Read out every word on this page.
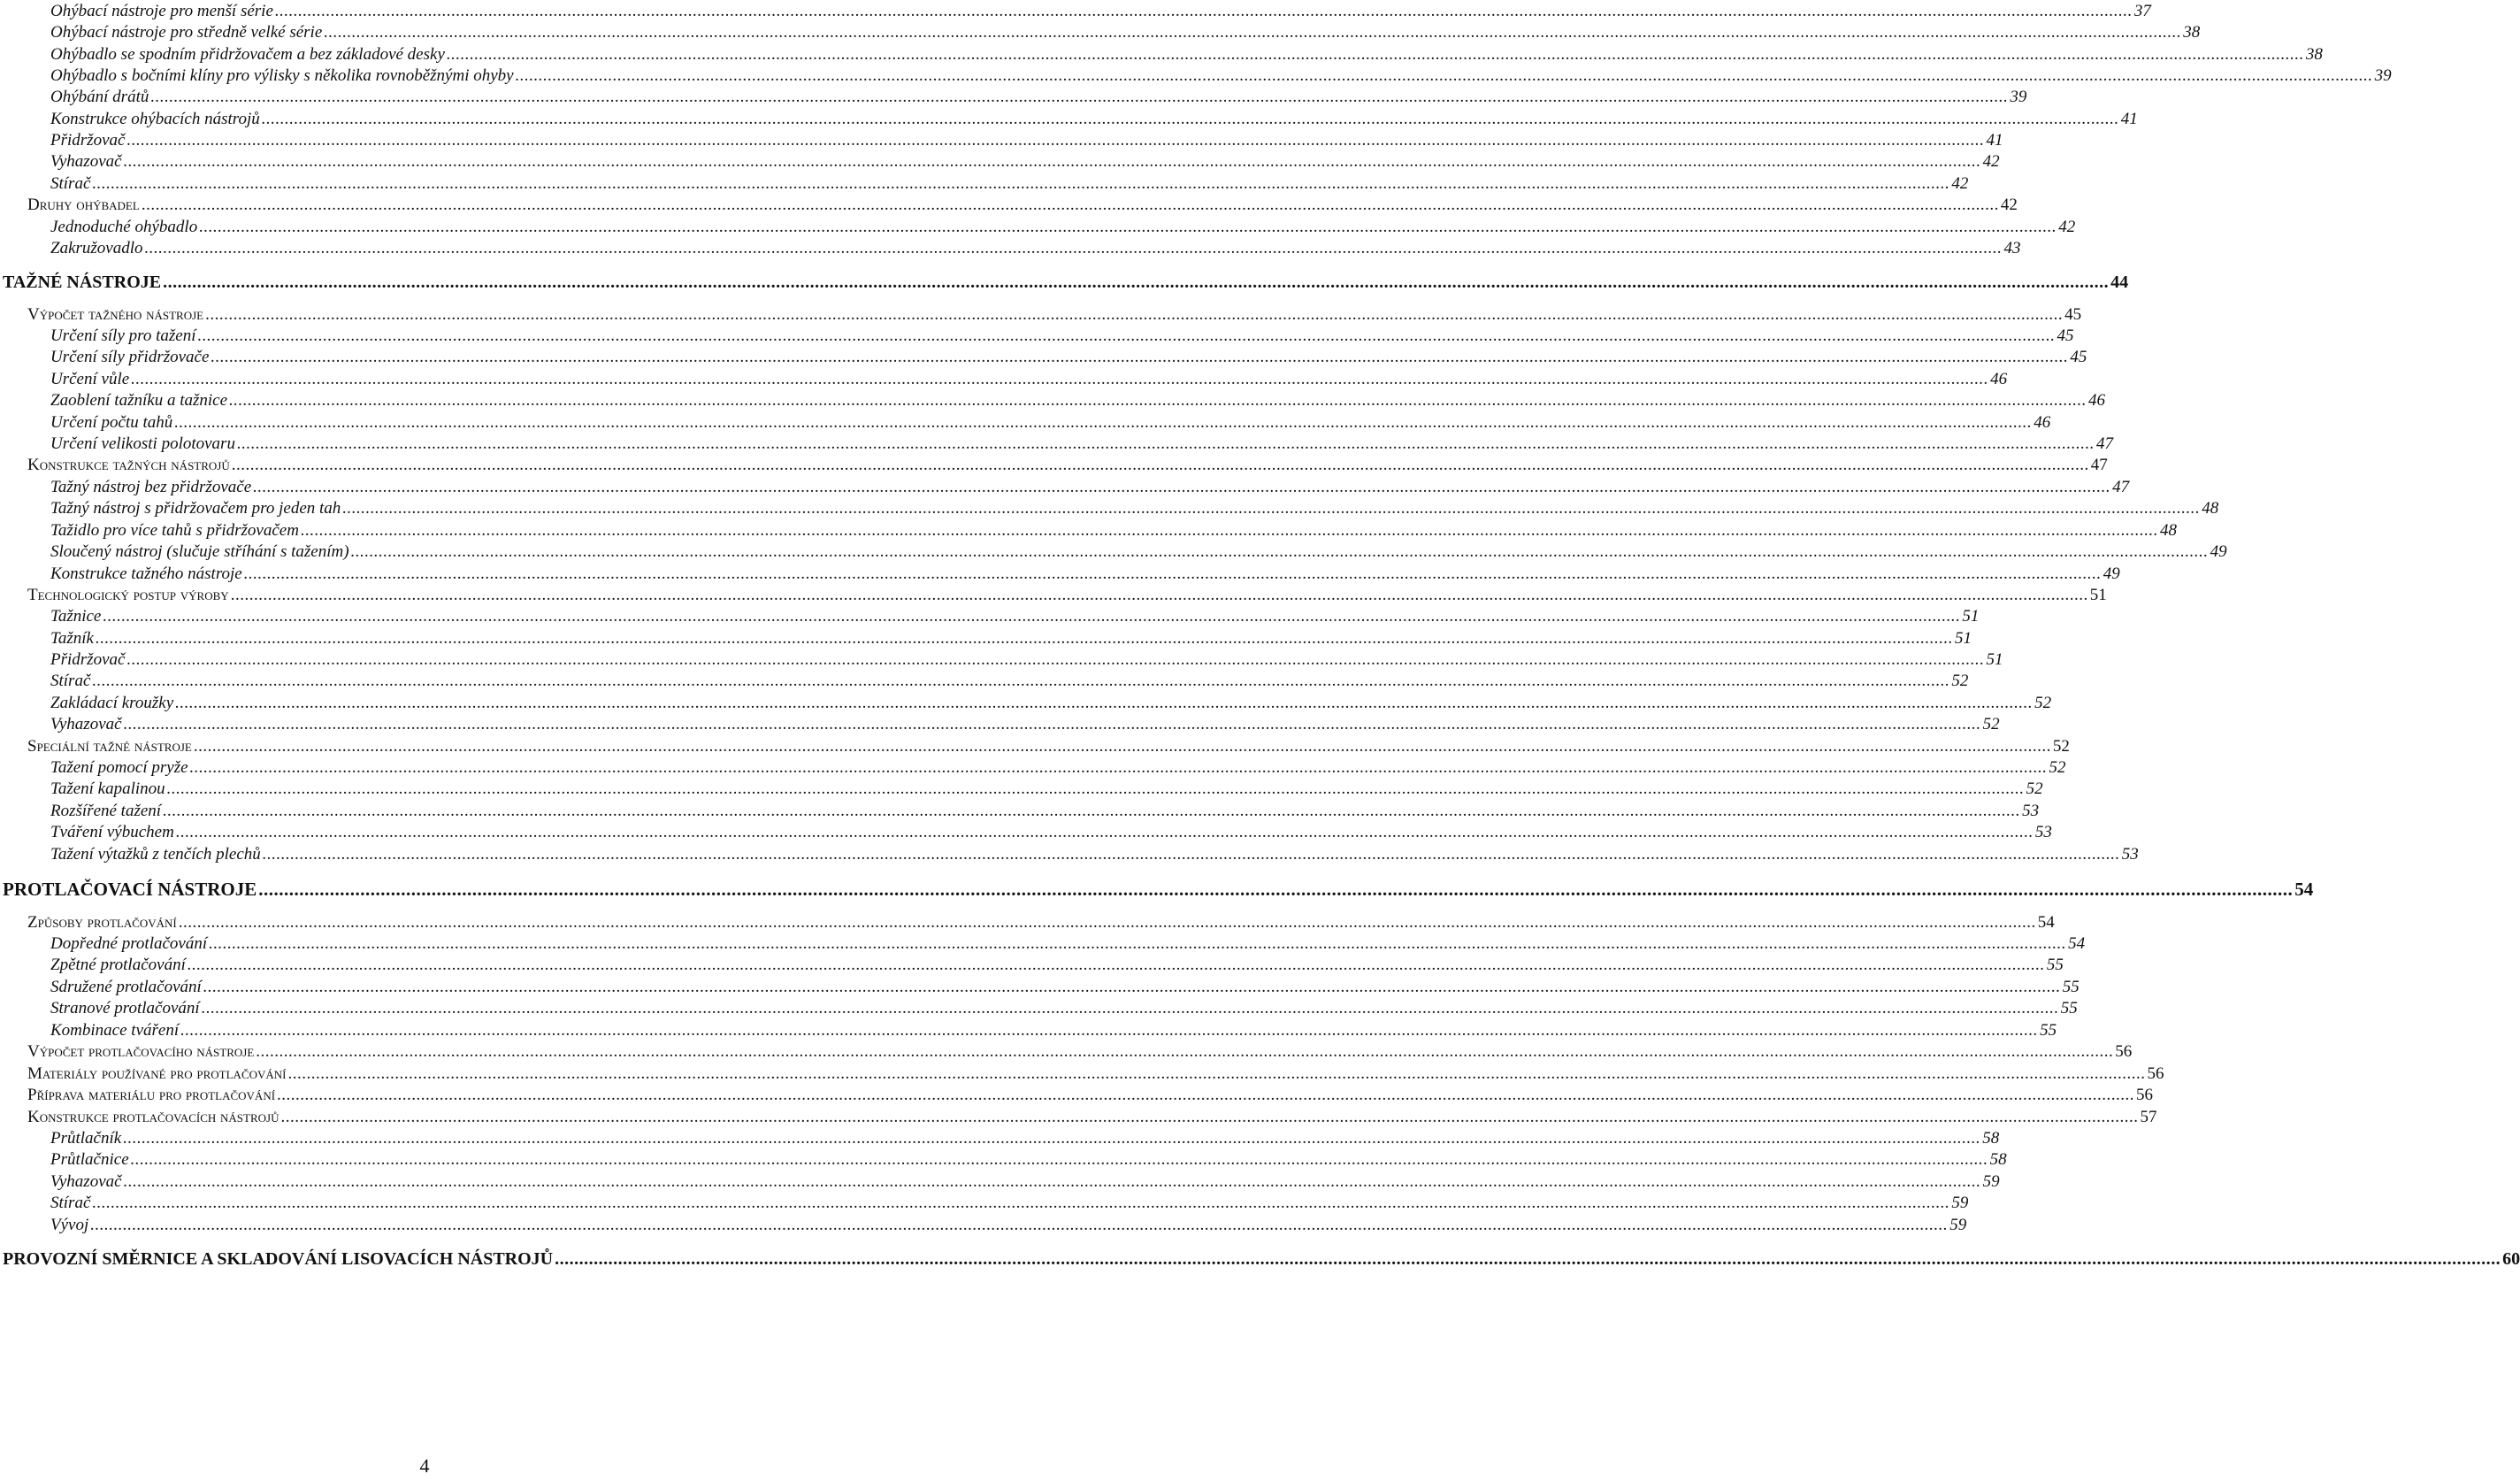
Ohýbací nástroje pro menší série ................................................................................................................................................................................................................................................................................................................................................................................................................ 37
Ohýbací nástroje pro středně velké série ................................................................................................................................................................................................................................................................................................................................................................................................................ 38
Ohýbadlo se spodním přidržovačem a bez základové desky ................................................................................................................................................................................................................................................................................................................................................................................................................ 38
Ohýbadlo s bočními klíny pro výlisky s několika rovnoběžnými ohyby ................................................................................................................................................................................................................................................................................................................................................................................................................ 39
Ohýbání drátů ................................................................................................................................................................................................................................................................................................................................................................................................................ 39
Konstrukce ohýbacích nástrojů ................................................................................................................................................................................................................................................................................................................................................................................................................ 41
Přidržovač ................................................................................................................................................................................................................................................................................................................................................................................................................ 41
Vyhazovač ................................................................................................................................................................................................................................................................................................................................................................................................................ 42
Stírač ................................................................................................................................................................................................................................................................................................................................................................................................................ 42
Druhy ohýbadel ................................................................................................................................................................................................................................................................................................................................................................................................................ 42
Jednoduché ohýbadlo ................................................................................................................................................................................................................................................................................................................................................................................................................ 42
Zakružovadlo ................................................................................................................................................................................................................................................................................................................................................................................................................ 43
TAŽNÉ NÁSTROJE ................................................................................................................................................................................................................................................................................................................................................................................................................ 44
Výpočet tažného nástroje ................................................................................................................................................................................................................................................................................................................................................................................................................ 45
Určení síly pro tažení ................................................................................................................................................................................................................................................................................................................................................................................................................ 45
Určení síly přidržovače ................................................................................................................................................................................................................................................................................................................................................................................................................ 45
Určení vůle ................................................................................................................................................................................................................................................................................................................................................................................................................ 46
Zaoblení tažníku a tažnice ................................................................................................................................................................................................................................................................................................................................................................................................................ 46
Určení počtu tahů ................................................................................................................................................................................................................................................................................................................................................................................................................ 46
Určení velikosti polotovaru ................................................................................................................................................................................................................................................................................................................................................................................................................ 47
Konstrukce tažných nástrojů ................................................................................................................................................................................................................................................................................................................................................................................................................ 47
Tažný nástroj bez přidržovače ................................................................................................................................................................................................................................................................................................................................................................................................................ 47
Tažný nástroj s přidržovačem pro jeden tah ................................................................................................................................................................................................................................................................................................................................................................................................................ 48
Tažidlo pro více tahů s přidržovačem ................................................................................................................................................................................................................................................................................................................................................................................................................ 48
Sloučený nástroj (slučuje stříhání s tažením) ................................................................................................................................................................................................................................................................................................................................................................................................................ 49
Konstrukce tažného nástroje ................................................................................................................................................................................................................................................................................................................................................................................................................ 49
Technologický postup výroby ................................................................................................................................................................................................................................................................................................................................................................................................................ 51
Tažnice ................................................................................................................................................................................................................................................................................................................................................................................................................ 51
Tažník ................................................................................................................................................................................................................................................................................................................................................................................................................ 51
Přidržovač ................................................................................................................................................................................................................................................................................................................................................................................................................ 51
Stírač ................................................................................................................................................................................................................................................................................................................................................................................................................ 52
Zakládací kroužky ................................................................................................................................................................................................................................................................................................................................................................................................................ 52
Vyhazovač ................................................................................................................................................................................................................................................................................................................................................................................................................ 52
Speciální tažné nástroje ................................................................................................................................................................................................................................................................................................................................................................................................................ 52
Tažení pomocí pryže ................................................................................................................................................................................................................................................................................................................................................................................................................ 52
Tažení kapalinou ................................................................................................................................................................................................................................................................................................................................................................................................................ 52
Rozšířené tažení ................................................................................................................................................................................................................................................................................................................................................................................................................ 53
Tváření výbuchem ................................................................................................................................................................................................................................................................................................................................................................................................................ 53
Tažení výtažků z tenčích plechů ................................................................................................................................................................................................................................................................................................................................................................................................................ 53
PROTLAČOVACÍ NÁSTROJE ................................................................................................................................................................................................................................................................................................................................................................................................................ 54
Způsoby protlačování ................................................................................................................................................................................................................................................................................................................................................................................................................ 54
Dopředné protlačování ................................................................................................................................................................................................................................................................................................................................................................................................................ 54
Zpětné protlačování ................................................................................................................................................................................................................................................................................................................................................................................................................ 55
Sdružené protlačování ................................................................................................................................................................................................................................................................................................................................................................................................................ 55
Stranové protlačování ................................................................................................................................................................................................................................................................................................................................................................................................................ 55
Kombinace tváření ................................................................................................................................................................................................................................................................................................................................................................................................................ 55
Výpočet protlačovacího nástroje ................................................................................................................................................................................................................................................................................................................................................................................................................ 56
Materiály používané pro protlačování ................................................................................................................................................................................................................................................................................................................................................................................................................ 56
Příprava materiálu pro protlačování ................................................................................................................................................................................................................................................................................................................................................................................................................ 56
Konstrukce protlačovacích nástrojů ................................................................................................................................................................................................................................................................................................................................................................................................................ 57
Průtlačník ................................................................................................................................................................................................................................................................................................................................................................................................................ 58
Průtlačnice ................................................................................................................................................................................................................................................................................................................................................................................................................ 58
Vyhazovač ................................................................................................................................................................................................................................................................................................................................................................................................................ 59
Stírač ................................................................................................................................................................................................................................................................................................................................................................................................................ 59
Vývoj ................................................................................................................................................................................................................................................................................................................................................................................................................ 59
PROVOZNÍ SMĚRNICE A SKLADOVÁNÍ LISOVACÍCH NÁSTROJŮ ................................................................................................................................................................................................................................................................................................................................................................................................................ 60
4
